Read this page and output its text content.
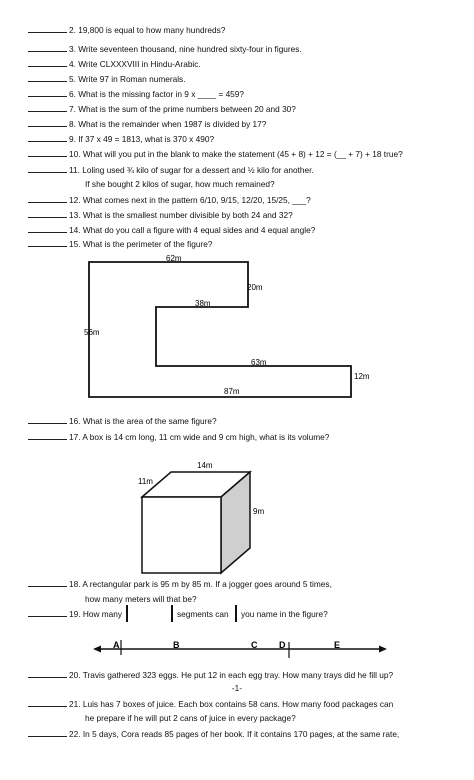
2. 19,800 is equal to how many hundreds?
3. Write seventeen thousand, nine hundred sixty-four in figures.
4. Write CLXXXVIII in Hindu-Arabic.
5. Write 97 in Roman numerals.
6. What is the missing factor in 9 x ____ = 459?
7. What is the sum of the prime numbers between 20 and 30?
8. What is the remainder when 1987 is divided by 17?
9. If 37 x 49 = 1813, what is 370 x 490?
10. What will you put in the blank to make the statement (45 + 8) + 12 = (__ + 7) + 18 true?
11. Loling used ¾ kilo of sugar for a dessert and ½ kilo for another.
If she bought 2 kilos of sugar, how much remained?
12. What comes next in the pattern 6/10, 9/15, 12/20, 15/25, ___?
13. What is the smallest number divisible by both 24 and 32?
14. What do you call a figure with 4 equal sides and 4 equal angle?
15. What is the perimeter of the figure?
62m
20m
38m
56m
63m
12m
87m
16. What is the area of the same figure?
17. A box is 14 cm long, 11 cm wide and 9 cm high, what is its volume?
14m
11m
9m
18. A rectangular park is 95 m by 85 m. If a jogger goes around 5 times,
how many meters will that be?
19. How many	segments can you name in the figure?
A	B	C D	E
20. Travis gathered 323 eggs. He put 12 in each egg tray. How many trays did he fill up?
-1-
21. Luis has 7 boxes of juice. Each box contains 58 cans. How many food packages can
he prepare if he will put 2 cans of juice in every package?
22. In 5 days, Cora reads 85 pages of her book. If it contains 170 pages, at the same rate,
